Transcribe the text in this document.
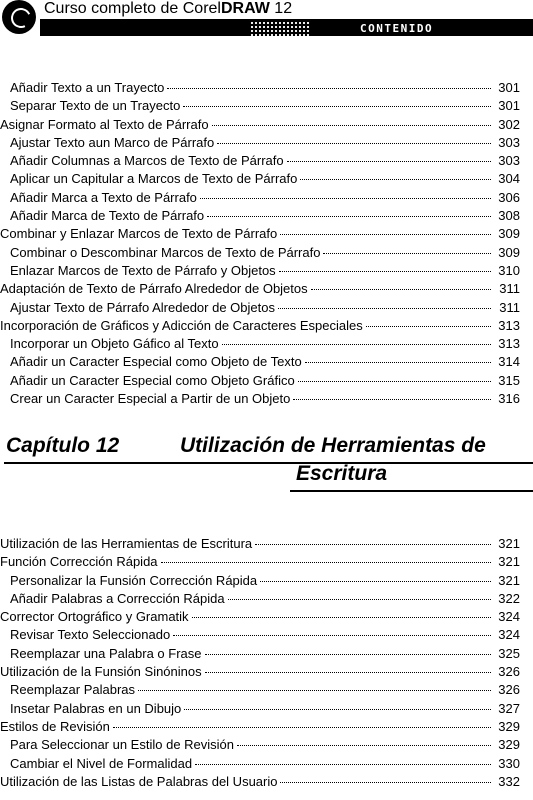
Curso completo de CorelDRAW 12
CONTENIDO
Añadir Texto a un Trayecto	301
Separar Texto de un Trayecto	301
Asignar Formato al Texto de Párrafo	302
Ajustar Texto aun Marco de Párrafo	303
Añadir Columnas a Marcos de Texto de Párrafo	303
Aplicar un Capitular a Marcos de Texto de Párrafo	304
Añadir Marca a Texto de Párrafo	306
Añadir Marca de Texto de Párrafo	308
Combinar y Enlazar Marcos de Texto de Párrafo	309
Combinar o Descombinar Marcos de Texto de Párrafo	309
Enlazar Marcos de Texto de Párrafo y Objetos	310
Adaptación de Texto de Párrafo Alrededor de Objetos	311
Ajustar Texto de Párrafo Alrededor de Objetos	311
Incorporación de Gráficos y Adicción de Caracteres Especiales	313
Incorporar un Objeto Gáfico al Texto	313
Añadir un Caracter Especial como Objeto de Texto	314
Añadir un Caracter Especial como Objeto Gráfico	315
Crear un Caracter Especial a Partir de un Objeto	316
Capítulo 12	Utilización de Herramientas de
Escritura
Utilización de las Herramientas de Escritura	321
Función Corrección Rápida	321
Personalizar la Funsión Corrección Rápida	321
Añadir Palabras a Corrección Rápida	322
Corrector Ortográfico y Gramatik	324
Revisar Texto Seleccionado	324
Reemplazar una Palabra o Frase	325
Utilización de la Funsión Sinóninos	326
Reemplazar Palabras	326
Insetar Palabras en un Dibujo	327
Estilos de Revisión	329
Para Seleccionar un Estilo de Revisión	329
Cambiar el Nivel de Formalidad	330
Utilización de las Listas de Palabras del Usuario	332
